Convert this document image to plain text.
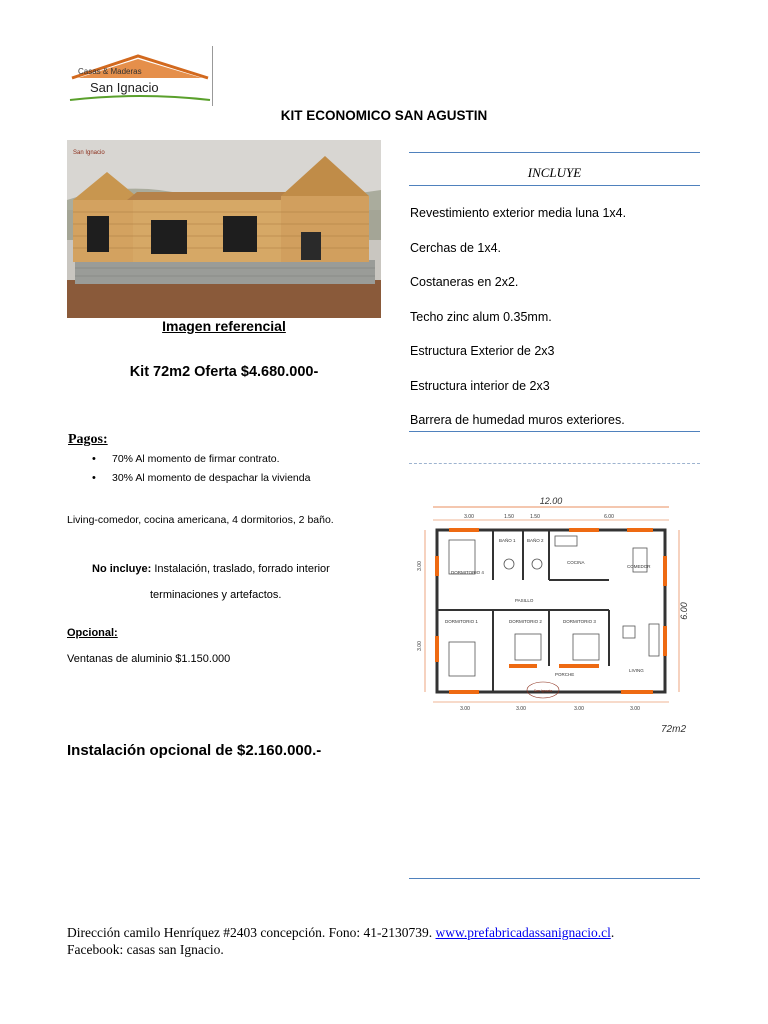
Casas & Maderas
San Ignacio
KIT ECONOMICO SAN AGUSTIN
San Ignacio
Imagen referencial
Kit 72m2 Oferta $4.680.000-
Pagos:
• 70% Al momento de firmar contrato.
• 30% Al momento de despachar la vivienda
Living-comedor, cocina americana, 4 dormitorios, 2 baño.
No incluye: Instalación, traslado, forrado interior
terminaciones y artefactos.
Opcional:
Ventanas de aluminio $1.150.000
Instalación opcional de $2.160.000.-
INCLUYE
Revestimiento exterior media luna 1x4.
Cerchas de 1x4.
Costaneras en 2x2.
Techo zinc alum 0.35mm.
Estructura Exterior de 2x3
Estructura interior de 2x3
Barrera de humedad muros exteriores.
12.00
3.00	1.50	1.50	6.00
DORMITORIO 4
BAÑO 1	BAÑO 2
COCINA
COMEDOR
PASILLO
DORMITORIO 1	DORMITORIO 2	DORMITORIO 3
LIVING
PORCHE
San Ignacio
3.00	3.00	3.00	3.00
3.00
3.00
6.00
72m2
Dirección camilo Henríquez #2403 concepción. Fono: 41-2130739. www.prefabricadassanignacio.cl.
Facebook: casas san Ignacio.
